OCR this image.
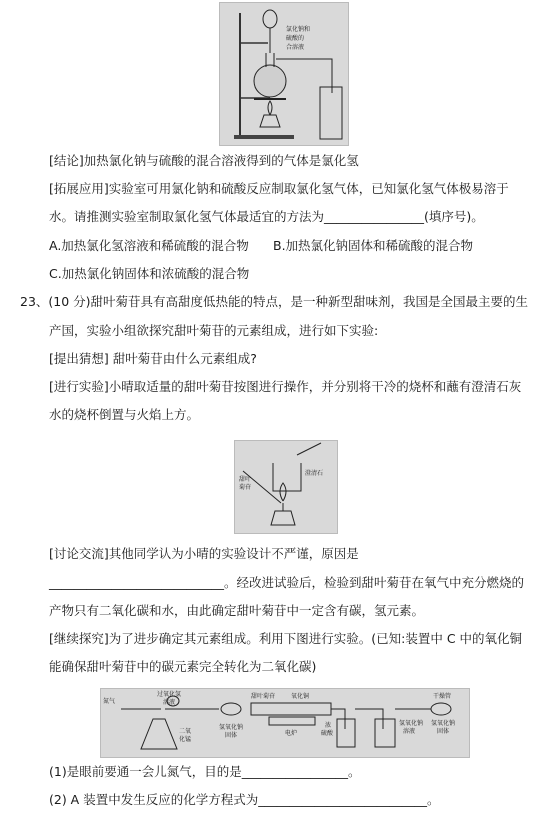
氯化钠和
硫酸的
合溶液
[结论]加热氯化钠与硫酸的混合溶液得到的气体是氯化氢
[拓展应用]实验室可用氯化钠和硫酸反应制取氯化氢气体，已知氯化氢气体极易溶于
水。请推测实验室制取氯化氢气体最适宜的方法为________________(填序号)。
A.加热氯化氢溶液和稀硫酸的混合物 B.加热氯化钠固体和稀硫酸的混合物
C.加热氯化钠固体和浓硫酸的混合物
23、(10 分)甜叶菊苷具有高甜度低热能的特点，是一种新型甜味剂，我国是全国最主要的生
产国，实验小组欲探究甜叶菊苷的元素组成，进行如下实验:
[提出猜想] 甜叶菊苷由什么元素组成?
[进行实验]小晴取适量的甜叶菊苷按图进行操作，并分别将干冷的烧杯和蘸有澄清石灰
水的烧杯倒置与火焰上方。
甜叶
菊苷
澄清石
[讨论交流]其他同学认为小晴的实验设计不严谨，原因是
____________________________。经改进试验后，检验到甜叶菊苷在氧气中充分燃烧的
产物只有二氧化碳和水，由此确定甜叶菊苷中一定含有碳，氢元素。
[继续探究]为了进步确定其元素组成。利用下图进行实验。(已知:装置中 C 中的氧化铜
能确保甜叶菊苷中的碳元素完全转化为二氧化碳)
氮气
过氧化氢
溶液
二氧
化锰
氢氧化钠
固体
甜叶菊苷	氧化铜
电炉
浓
硫酸
氢氧化钠
溶液
干燥管
氢氧化钠
固体
(1)是眼前要通一会儿氮气，目的是_________________。
(2) A 装置中发生反应的化学方程式为___________________________。
